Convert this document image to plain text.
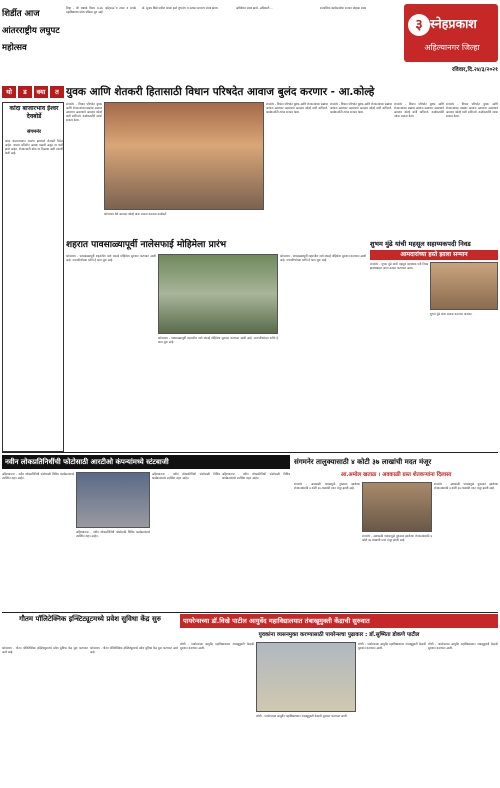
शिर्डीत आज आंतरराष्ट्रीय लघुपट महोत्सव
लिहा - श्री घन्नवडे विनय य.आ. व्हॉट्सअॅप तयार व संपर्क महाविद्यालय प्रवेश प्रक्रिया सुरु आहे.
डॉ. सुजय विखे पाटील यांच्या हस्ते शुभारंभ व सत्कार समारंभ संपन्न झाला.	अधिवेशन संपन्न झाले, अधिकारी ...	सामाजिक कार्यकर्त्यांचा सन्मान सोहळा संपन्न
३ स्नेहप्रकाश
अहिल्यानगर जिल्हा
रविवार,दि.२४/३/२०२१
थो	ड	क्या	त युवक आणि शेतकरी हितासाठी विधान परिषदेत आवाज बुलंद करणार - आ.कोल्हे
कांदा बाजारभाव ईश्वर देवबोर्डे
संगमनेर
कांदा बाजारभावात घसरण झाल्याने शेतकरी चिंतेत आहेत. बाजार समितीत आवक वाढली असून दर कमी झाले आहेत. शेतकऱ्यांनी योग्य दर मिळावा अशी मागणी केली आहे.
संगमनेर - विधान परिषदेत युवक आणि शेतकऱ्यांच्या प्रश्नांवर आवाज उठवणार असल्याचे आमदार कोल्हे यांनी सांगितले. कार्यकर्त्यांनी त्यांचा सत्कार केला.
कोपरगाव येथे आमदार कोल्हे यांचा सत्कार करताना कार्यकर्ते.
संगमनेर - विधान परिषदेत युवक आणि शेतकऱ्यांच्या प्रश्नांवर आवाज उठवणार असल्याचे आमदार कोल्हे यांनी सांगितले. कार्यकर्त्यांनी त्यांचा सत्कार केला.
संगमनेर - विधान परिषदेत युवक आणि शेतकऱ्यांच्या प्रश्नांवर आवाज उठवणार असल्याचे आमदार कोल्हे यांनी सांगितले. कार्यकर्त्यांनी त्यांचा सत्कार केला.
संगमनेर - विधान परिषदेत युवक आणि शेतकऱ्यांच्या प्रश्नांवर आवाज उठवणार असल्याचे आमदार कोल्हे यांनी सांगितले. कार्यकर्त्यांनी त्यांचा सत्कार केला.
संगमनेर - विधान परिषदेत युवक आणि शेतकऱ्यांच्या प्रश्नांवर आवाज उठवणार असल्याचे आमदार कोल्हे यांनी सांगितले. कार्यकर्त्यांनी त्यांचा सत्कार केला.
शहरात पावसाळ्यापूर्वी नालेसफाई मोहिमेला प्रारंभ
कोपरगाव - पावसाळ्यापूर्वी शहरातील नाले सफाई मोहिमेला सुरुवात करण्यात आली आहे. नगरपरिषदेच्या वतीने हे काम सुरू आहे.
कोपरगाव - पावसाळ्यापूर्वी शहरातील नाले सफाई मोहिमेला सुरुवात करण्यात आली आहे. नगरपरिषदेच्या वतीने हे काम सुरू आहे.
कोपरगाव - पावसाळ्यापूर्वी शहरातील नाले सफाई मोहिमेला सुरुवात करण्यात आली आहे. नगरपरिषदेच्या वतीने हे काम सुरू आहे.
शुभम मुंढे यांची महसूल सहाय्यकपदी निवड
आमदारांच्या हस्ते झाला सन्मान
संगमनेर - शुभम मुंढे यांची महसूल सहाय्यक पदी निवड झाल्याबद्दल त्यांचा सत्कार करण्यात आला.
शुभम मुंढे यांचा सत्कार करताना मान्यवर.
नवीन लोकप्रतिनिधींची फोटोसाठी आरटीओ कंपन्यांमध्ये स्टंटबाजी
अहिल्यानगर - नवीन लोकप्रतिनिधी फोटोसाठी विविध कार्यक्रमांमध्ये उपस्थित राहत आहेत.
अहिल्यानगर - नवीन लोकप्रतिनिधी फोटोसाठी विविध कार्यक्रमांमध्ये उपस्थित राहत आहेत.
अहिल्यानगर - नवीन लोकप्रतिनिधी फोटोसाठी विविध कार्यक्रमांमध्ये उपस्थित राहत आहेत.
अहिल्यानगर - नवीन लोकप्रतिनिधी फोटोसाठी विविध कार्यक्रमांमध्ये उपस्थित राहत आहेत.
संगमनेर तालुक्यासाठी ४ कोटी ३७ लाखांची मदत मंजूर
आ.अमोल खताळ । अवकाळी ग्रस्त शेतकऱ्यांना दिलासा
संगमनेर - अवकाळी पावसामुळे नुकसान झालेल्या शेतकऱ्यांसाठी ४ कोटी ३७ लाखांची मदत मंजूर झाली आहे.
संगमनेर - अवकाळी पावसामुळे नुकसान झालेल्या शेतकऱ्यांसाठी ४ कोटी ३७ लाखांची मदत मंजूर झाली आहे.
संगमनेर - अवकाळी पावसामुळे नुकसान झालेल्या शेतकऱ्यांसाठी ४ कोटी ३७ लाखांची मदत मंजूर झाली आहे.
गौतम पॉलिटेक्निक इन्स्टिट्यूटमध्ये प्रवेश सुविधा केंद्र सुरु
कोपरगाव - गौतम पॉलिटेक्निक इन्स्टिट्यूटमध्ये प्रवेश सुविधा केंद्र सुरू करण्यात आले आहे.
कोपरगाव - गौतम पॉलिटेक्निक इन्स्टिट्यूटमध्ये प्रवेश सुविधा केंद्र सुरू करण्यात आले आहे.
पायरेन्सच्या डॉ.विखे पाटील आयुर्वेद महाविद्यालयात तंबाखूमुक्ती केंद्राची सुरुवात
युवकांना व्यसनमुक्त करण्यासाठी पायरेन्सचा पुढाकार : डॉ.सुष्मिता डोकणे पाटील
लोणी - पायरेन्सच्या आयुर्वेद महाविद्यालयात तंबाखूमुक्ती केंद्राची सुरुवात करण्यात आली.
लोणी - पायरेन्सच्या आयुर्वेद महाविद्यालयात तंबाखूमुक्ती केंद्राची सुरुवात करण्यात आली.
लोणी - पायरेन्सच्या आयुर्वेद महाविद्यालयात तंबाखूमुक्ती केंद्राची सुरुवात करण्यात आली.
लोणी - पायरेन्सच्या आयुर्वेद महाविद्यालयात तंबाखूमुक्ती केंद्राची सुरुवात करण्यात आली.
